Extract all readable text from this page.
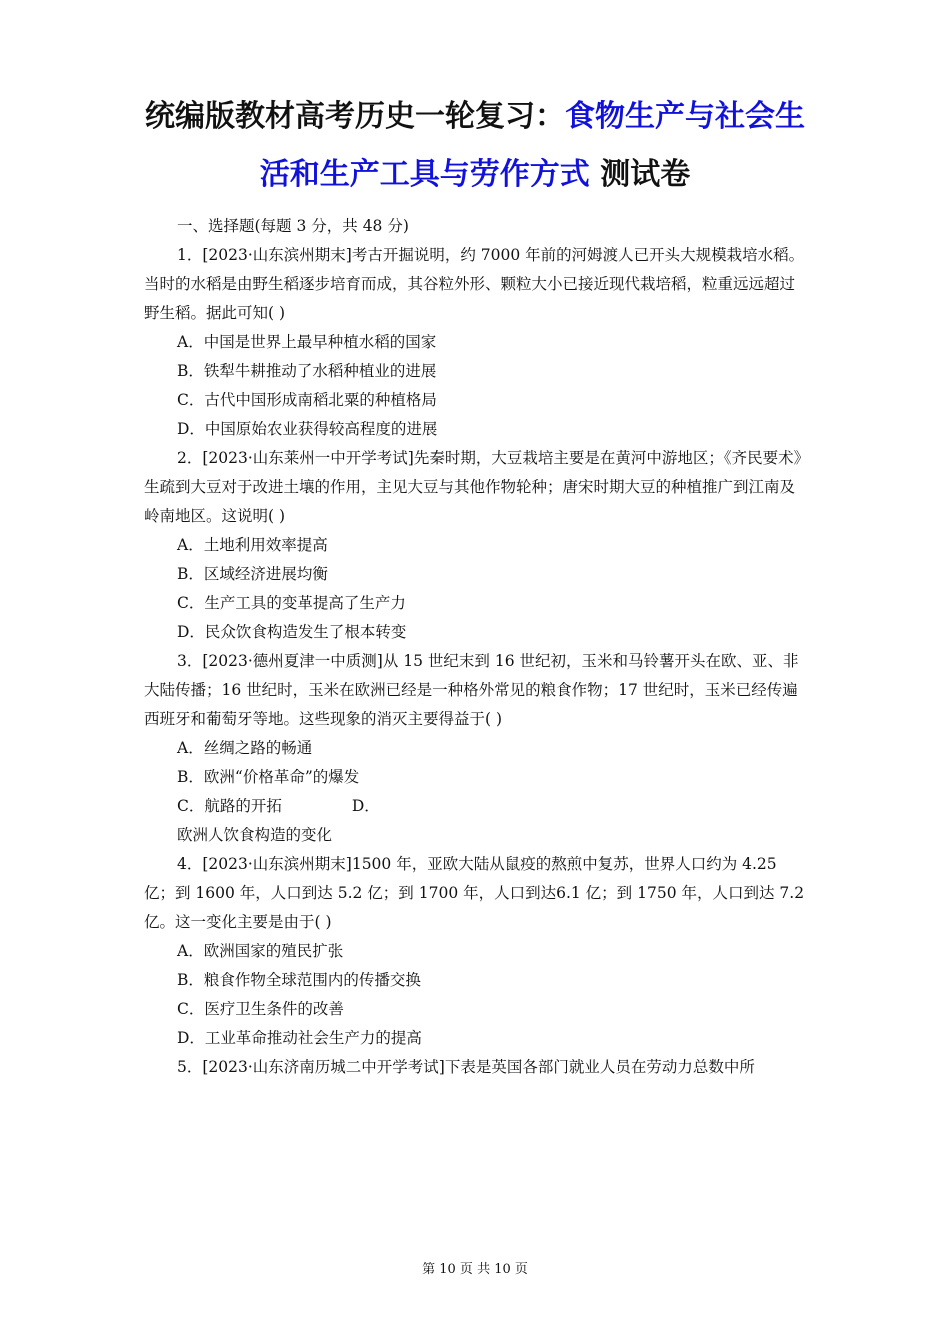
统编版教材高考历史一轮复习：食物生产与社会生
活和生产工具与劳作方式 测试卷

一、选择题(每题 3 分，共 48 分)

1．[2023·山东滨州期末]考古开掘说明，约 7000 年前的河姆渡人已开头大规模栽培水稻。当时的水稻是由野生稻逐步培育而成，其谷粒外形、颗粒大小已接近现代栽培稻，粒重远远超过野生稻。据此可知( )

A．中国是世界上最早种植水稻的国家

B．铁犁牛耕推动了水稻种植业的进展

C．古代中国形成南稻北粟的种植格局

D．中国原始农业获得较高程度的进展

2．[2023·山东莱州一中开学考试]先秦时期，大豆栽培主要是在黄河中游地区；《齐民要术》生疏到大豆对于改进土壤的作用，主见大豆与其他作物轮种；唐宋时期大豆的种植推广到江南及岭南地区。这说明( )

A．土地利用效率提高

B．区域经济进展均衡

C．生产工具的变革提高了生产力

D．民众饮食构造发生了根本转变

3．[2023·德州夏津一中质测]从 15 世纪末到 16 世纪初，玉米和马铃薯开头在欧、亚、非大陆传播；16 世纪时，玉米在欧洲已经是一种格外常见的粮食作物；17 世纪时，玉米已经传遍西班牙和葡萄牙等地。这些现象的消灭主要得益于( )

A．丝绸之路的畅通

B．欧洲“价格革命”的爆发

C．航路的开拓	D．

欧洲人饮食构造的变化

4．[2023·山东滨州期末]1500 年，亚欧大陆从鼠疫的熬煎中复苏，世界人口约为 4.25 亿；到 1600 年，人口到达 5.2 亿；到 1700 年，人口到达6.1 亿；到 1750 年，人口到达 7.2 亿。这一变化主要是由于( )

A．欧洲国家的殖民扩张

B．粮食作物全球范围内的传播交换

C．医疗卫生条件的改善

D．工业革命推动社会生产力的提高

5．[2023·山东济南历城二中开学考试]下表是英国各部门就业人员在劳动力总数中所

第 10 页 共 10 页
